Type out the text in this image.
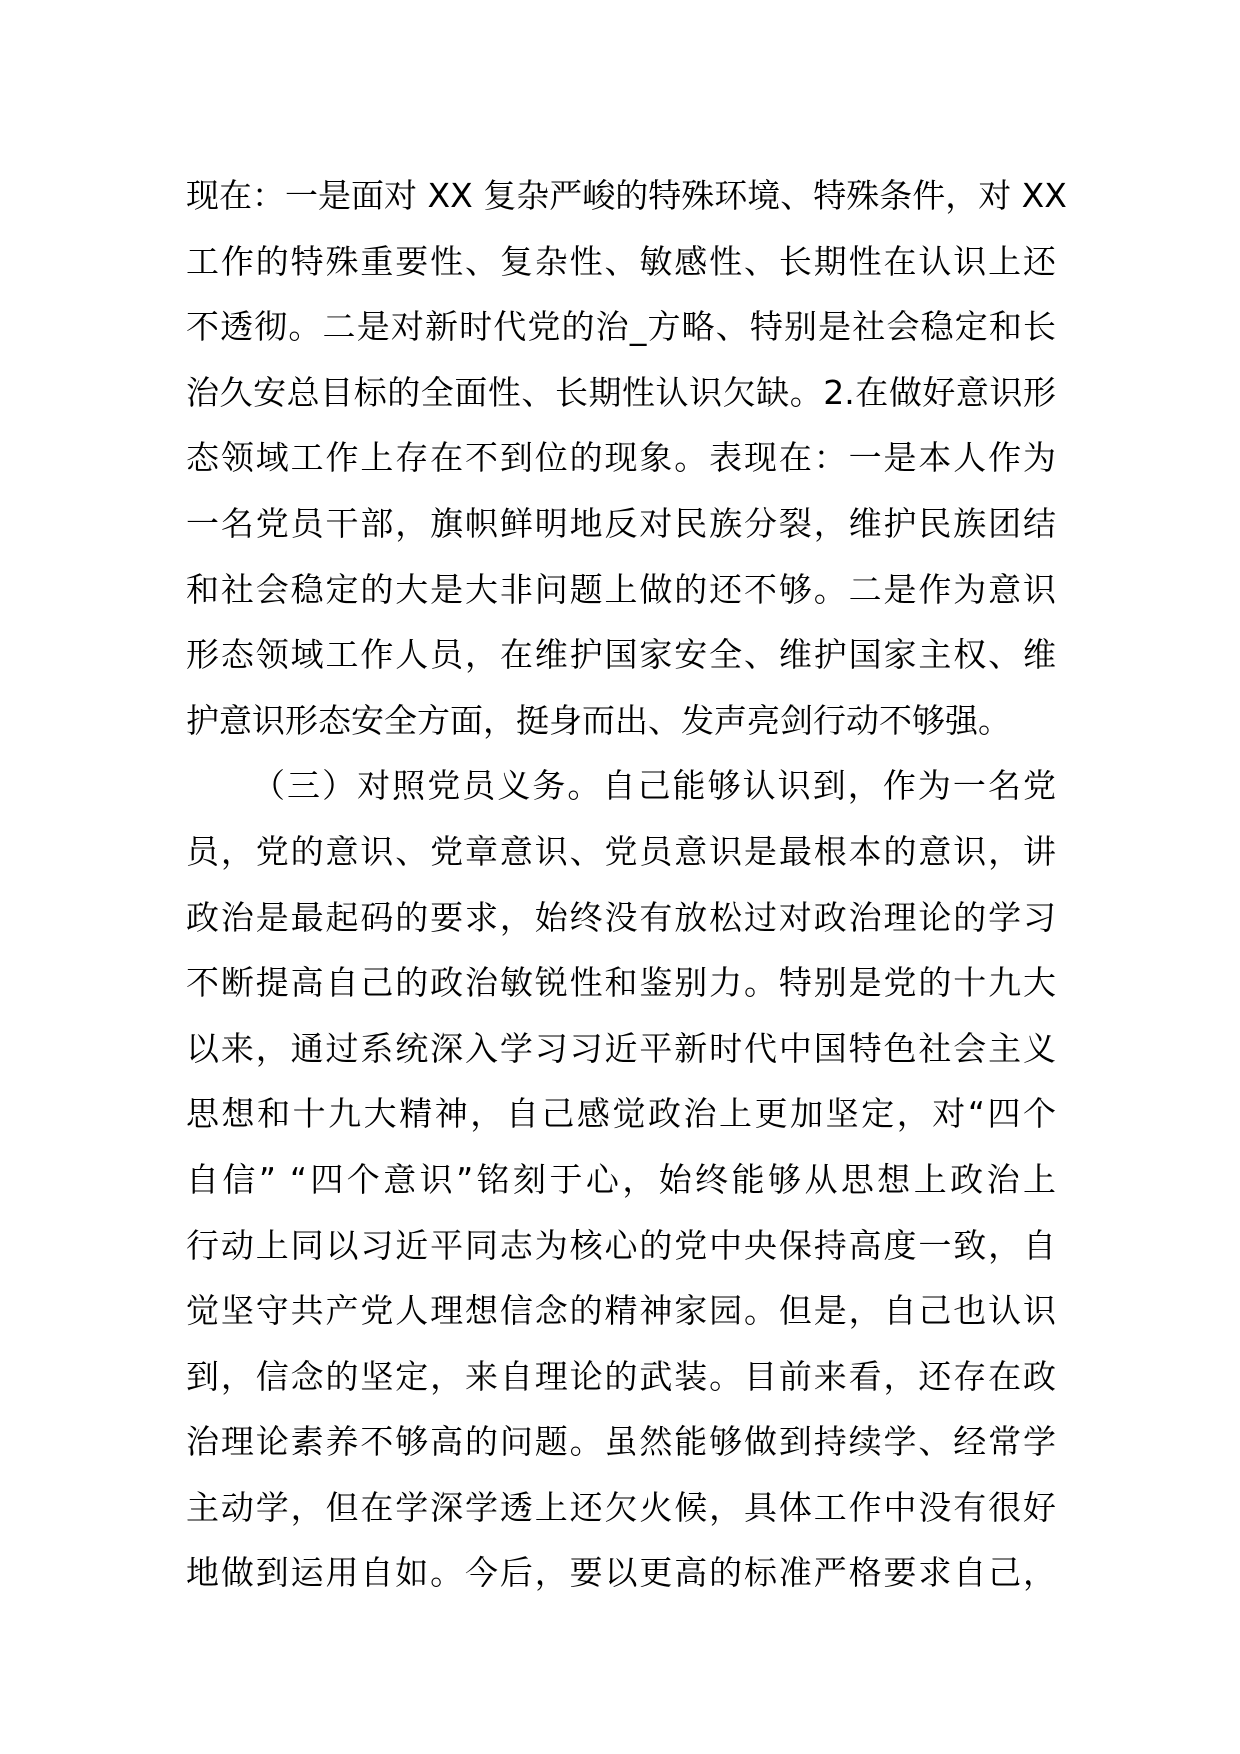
现在：一是面对 XX 复杂严峻的特殊环境、特殊条件，对 XX
工作的特殊重要性、复杂性、敏感性、长期性在认识上还
不透彻。二是对新时代党的治_方略、特别是社会稳定和长
治久安总目标的全面性、长期性认识欠缺。2.在做好意识形
态领域工作上存在不到位的现象。表现在：一是本人作为
一名党员干部，旗帜鲜明地反对民族分裂，维护民族团结
和社会稳定的大是大非问题上做的还不够。二是作为意识
形态领域工作人员，在维护国家安全、维护国家主权、维
护意识形态安全方面，挺身而出、发声亮剑行动不够强。
（三）对照党员义务。自己能够认识到，作为一名党
员，党的意识、党章意识、党员意识是最根本的意识，讲
政治是最起码的要求，始终没有放松过对政治理论的学习
不断提高自己的政治敏锐性和鉴别力。特别是党的十九大
以来，通过系统深入学习习近平新时代中国特色社会主义
思想和十九大精神，自己感觉政治上更加坚定，对“四个
自信” “四个意识”铭刻于心，始终能够从思想上政治上
行动上同以习近平同志为核心的党中央保持高度一致，自
觉坚守共产党人理想信念的精神家园。但是，自己也认识
到，信念的坚定，来自理论的武装。目前来看，还存在政
治理论素养不够高的问题。虽然能够做到持续学、经常学
主动学，但在学深学透上还欠火候，具体工作中没有很好
地做到运用自如。今后，要以更高的标准严格要求自己，
